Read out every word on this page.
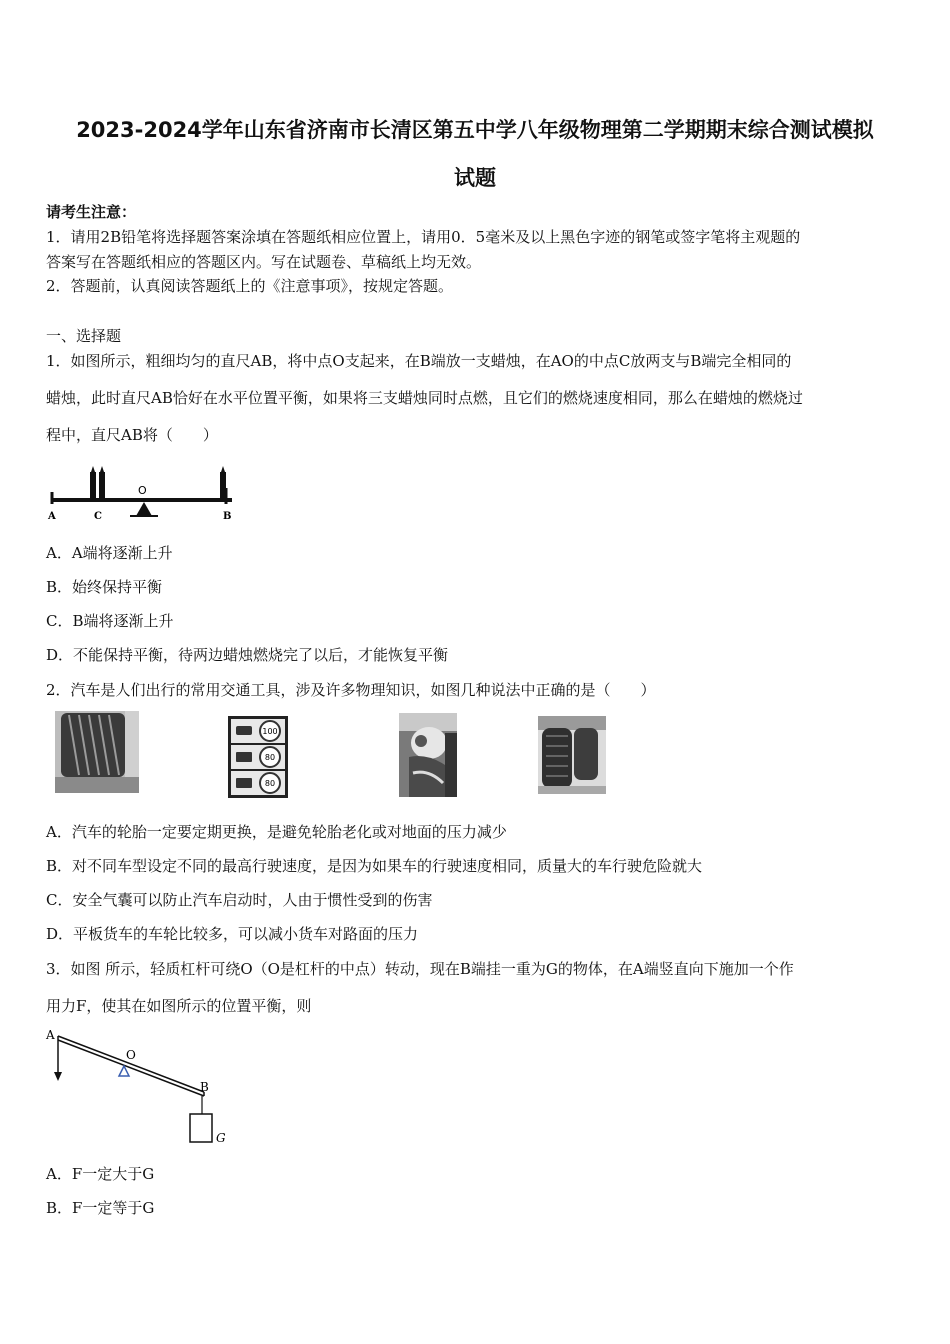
2023-2024学年山东省济南市长清区第五中学八年级物理第二学期期末综合测试模拟
试题
请考生注意：
1．请用2B铅笔将选择题答案涂填在答题纸相应位置上，请用0．5毫米及以上黑色字迹的钢笔或签字笔将主观题的
答案写在答题纸相应的答题区内。写在试题卷、草稿纸上均无效。
2．答题前，认真阅读答题纸上的《注意事项》，按规定答题。
一、选择题
1．如图所示，粗细均匀的直尺AB，将中点O支起来，在B端放一支蜡烛，在AO的中点C放两支与B端完全相同的
蜡烛，此时直尺AB恰好在水平位置平衡，如果将三支蜡烛同时点燃，且它们的燃烧速度相同，那么在蜡烛的燃烧过
程中，直尺AB将（　　）
O
A	C	B
A．A端将逐渐上升
B．始终保持平衡
C．B端将逐渐上升
D．不能保持平衡，待两边蜡烛燃烧完了以后，才能恢复平衡
2．汽车是人们出行的常用交通工具，涉及许多物理知识，如图几种说法中正确的是（　　）
100
80
80
A．汽车的轮胎一定要定期更换，是避免轮胎老化或对地面的压力减少
B．对不同车型设定不同的最高行驶速度，是因为如果车的行驶速度相同，质量大的车行驶危险就大
C．安全气囊可以防止汽车启动时，人由于惯性受到的伤害
D．平板货车的车轮比较多，可以减小货车对路面的压力
3．如图 所示，轻质杠杆可绕O（O是杠杆的中点）转动，现在B端挂一重为G的物体，在A端竖直向下施加一个作
用力F，使其在如图所示的位置平衡，则
A
O
B
G
A．F一定大于G
B．F一定等于G
